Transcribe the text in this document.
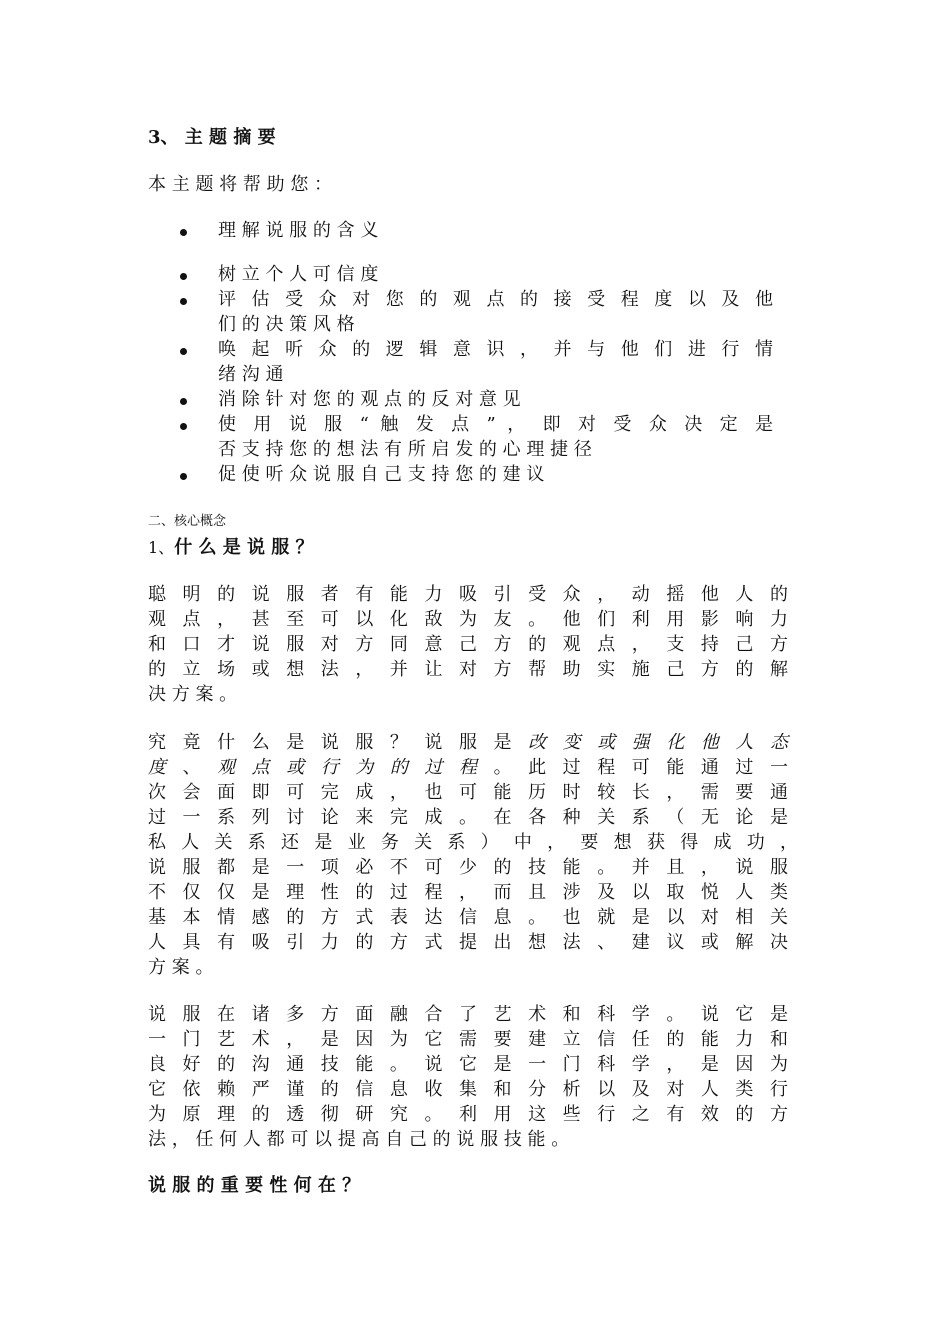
3、 主 题 摘 要
本 主 题 将 帮 助 您 ：
理 解 说 服 的 含 义
树 立 个 人 可 信 度
评 估 受 众 对 您 的 观 点 的 接 受 程 度 以 及 他
们 的 决 策 风 格
唤 起 听 众 的 逻 辑 意 识 ， 并 与 他 们 进 行 情
绪 沟 通
消 除 针 对 您 的 观 点 的 反 对 意 见
使 用 说 服 “ 触 发 点 ” ， 即 对 受 众 决 定 是
否 支 持 您 的 想 法 有 所 启 发 的 心 理 捷 径
促 使 听 众 说 服 自 己 支 持 您 的 建 议
二、核心概念
1、什 么 是 说 服 ？
聪 明 的 说 服 者 有 能 力 吸 引 受 众 ， 动 摇 他 人 的
观 点 ， 甚 至 可 以 化 敌 为 友 。 他 们 利 用 影 响 力
和 口 才 说 服 对 方 同 意 己 方 的 观 点 ， 支 持 己 方
的 立 场 或 想 法 ， 并 让 对 方 帮 助 实 施 己 方 的 解
决 方 案 。
究 竟 什 么 是 说 服 ？ 说 服 是 改 变 或 强 化 他 人 态
度 、 观 点 或 行 为 的 过 程 。 此 过 程 可 能 通 过 一
次 会 面 即 可 完 成 ， 也 可 能 历 时 较 长 ， 需 要 通
过 一 系 列 讨 论 来 完 成 。 在 各 种 关 系 （ 无 论 是
私 人 关 系 还 是 业 务 关 系 ） 中 ， 要 想 获 得 成 功 ，
说 服 都 是 一 项 必 不 可 少 的 技 能 。 并 且 ， 说 服
不 仅 仅 是 理 性 的 过 程 ， 而 且 涉 及 以 取 悦 人 类
基 本 情 感 的 方 式 表 达 信 息 。 也 就 是 以 对 相 关
人 具 有 吸 引 力 的 方 式 提 出 想 法 、 建 议 或 解 决
方 案 。
说 服 在 诸 多 方 面 融 合 了 艺 术 和 科 学 。 说 它 是
一 门 艺 术 ， 是 因 为 它 需 要 建 立 信 任 的 能 力 和
良 好 的 沟 通 技 能 。 说 它 是 一 门 科 学 ， 是 因 为
它 依 赖 严 谨 的 信 息 收 集 和 分 析 以 及 对 人 类 行
为 原 理 的 透 彻 研 究 。 利 用 这 些 行 之 有 效 的 方
法 ， 任 何 人 都 可 以 提 高 自 己 的 说 服 技 能 。
说 服 的 重 要 性 何 在 ？
